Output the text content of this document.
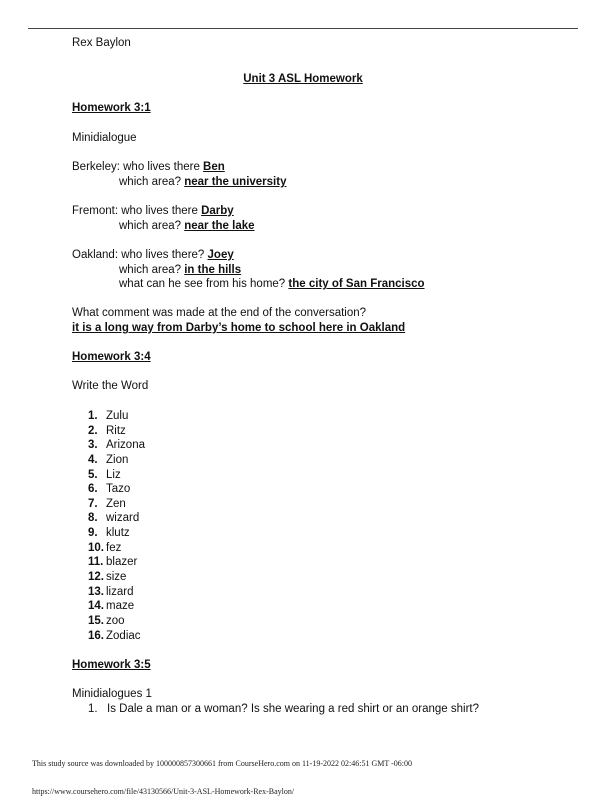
Rex Baylon
Unit 3 ASL Homework
Homework 3:1
Minidialogue
Berkeley: who lives there Ben
which area? near the university
Fremont: who lives there Darby
which area? near the lake
Oakland: who lives there? Joey
which area? in the hills
what can he see from his home? the city of San Francisco
What comment was made at the end of the conversation?
it is a long way from Darby’s home to school here in Oakland
Homework 3:4
Write the Word
1. Zulu
2. Ritz
3. Arizona
4. Zion
5. Liz
6. Tazo
7. Zen
8. wizard
9. klutz
10. fez
11. blazer
12. size
13. lizard
14. maze
15. zoo
16. Zodiac
Homework 3:5
Minidialogues 1
1. Is Dale a man or a woman? Is she wearing a red shirt or an orange shirt?
This study source was downloaded by 100000857300661 from CourseHero.com on 11-19-2022 02:46:51 GMT -06:00
https://www.coursehero.com/file/43130566/Unit-3-ASL-Homework-Rex-Baylon/
